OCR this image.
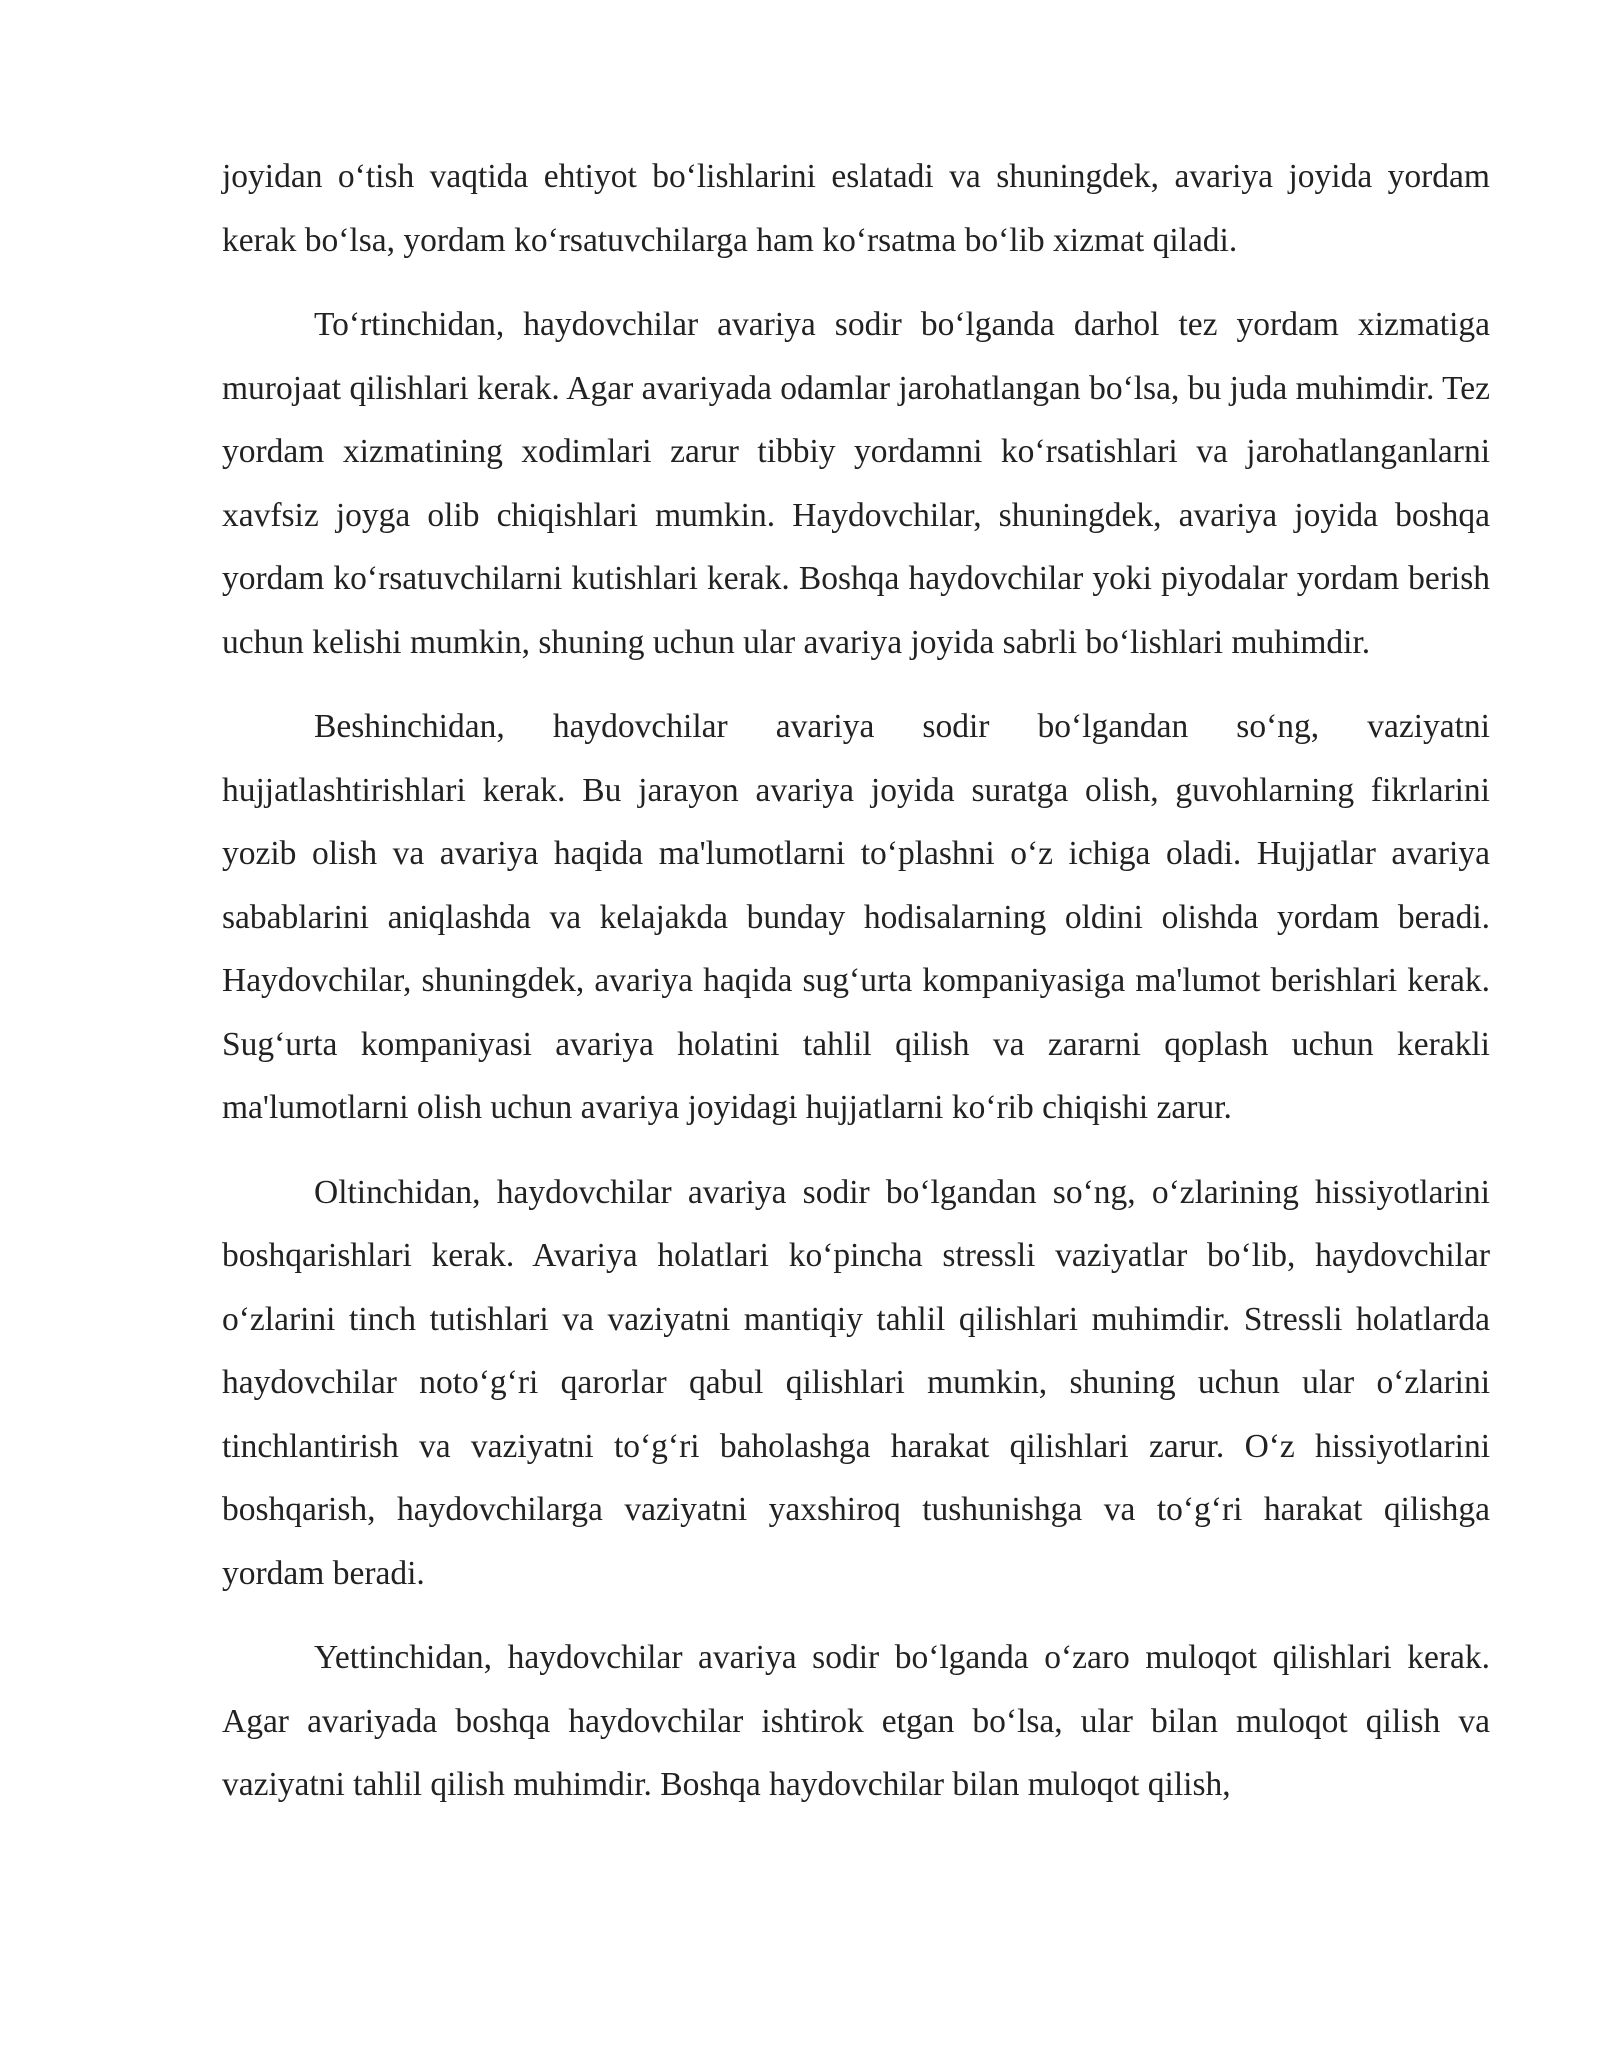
joyidan o‘tish vaqtida ehtiyot bo‘lishlarini eslatadi va shuningdek, avariya joyida yordam kerak bo‘lsa, yordam ko‘rsatuvchilarga ham ko‘rsatma bo‘lib xizmat qiladi.

To‘rtinchidan, haydovchilar avariya sodir bo‘lganda darhol tez yordam xizmatiga murojaat qilishlari kerak. Agar avariyada odamlar jarohatlangan bo‘lsa, bu juda muhimdir. Tez yordam xizmatining xodimlari zarur tibbiy yordamni ko‘rsatishlari va jarohatlanganlarni xavfsiz joyga olib chiqishlari mumkin. Haydovchilar, shuningdek, avariya joyida boshqa yordam ko‘rsatuvchilarni kutishlari kerak. Boshqa haydovchilar yoki piyodalar yordam berish uchun kelishi mumkin, shuning uchun ular avariya joyida sabrli bo‘lishlari muhimdir.

Beshinchidan, haydovchilar avariya sodir bo‘lgandan so‘ng, vaziyatni hujjatlashtirishlari kerak. Bu jarayon avariya joyida suratga olish, guvohlarning fikrlarini yozib olish va avariya haqida ma'lumotlarni to‘plashni o‘z ichiga oladi. Hujjatlar avariya sabablarini aniqlashda va kelajakda bunday hodisalarning oldini olishda yordam beradi. Haydovchilar, shuningdek, avariya haqida sug‘urta kompaniyasiga ma'lumot berishlari kerak. Sug‘urta kompaniyasi avariya holatini tahlil qilish va zararni qoplash uchun kerakli ma'lumotlarni olish uchun avariya joyidagi hujjatlarni ko‘rib chiqishi zarur.

Oltinchidan, haydovchilar avariya sodir bo‘lgandan so‘ng, o‘zlarining hissiyotlarini boshqarishlari kerak. Avariya holatlari ko‘pincha stressli vaziyatlar bo‘lib, haydovchilar o‘zlarini tinch tutishlari va vaziyatni mantiqiy tahlil qilishlari muhimdir. Stressli holatlarda haydovchilar noto‘g‘ri qarorlar qabul qilishlari mumkin, shuning uchun ular o‘zlarini tinchlantirish va vaziyatni to‘g‘ri baholashga harakat qilishlari zarur. O‘z hissiyotlarini boshqarish, haydovchilarga vaziyatni yaxshiroq tushunishga va to‘g‘ri harakat qilishga yordam beradi.

Yettinchidan, haydovchilar avariya sodir bo‘lganda o‘zaro muloqot qilishlari kerak. Agar avariyada boshqa haydovchilar ishtirok etgan bo‘lsa, ular bilan muloqot qilish va vaziyatni tahlil qilish muhimdir. Boshqa haydovchilar bilan muloqot qilish,
